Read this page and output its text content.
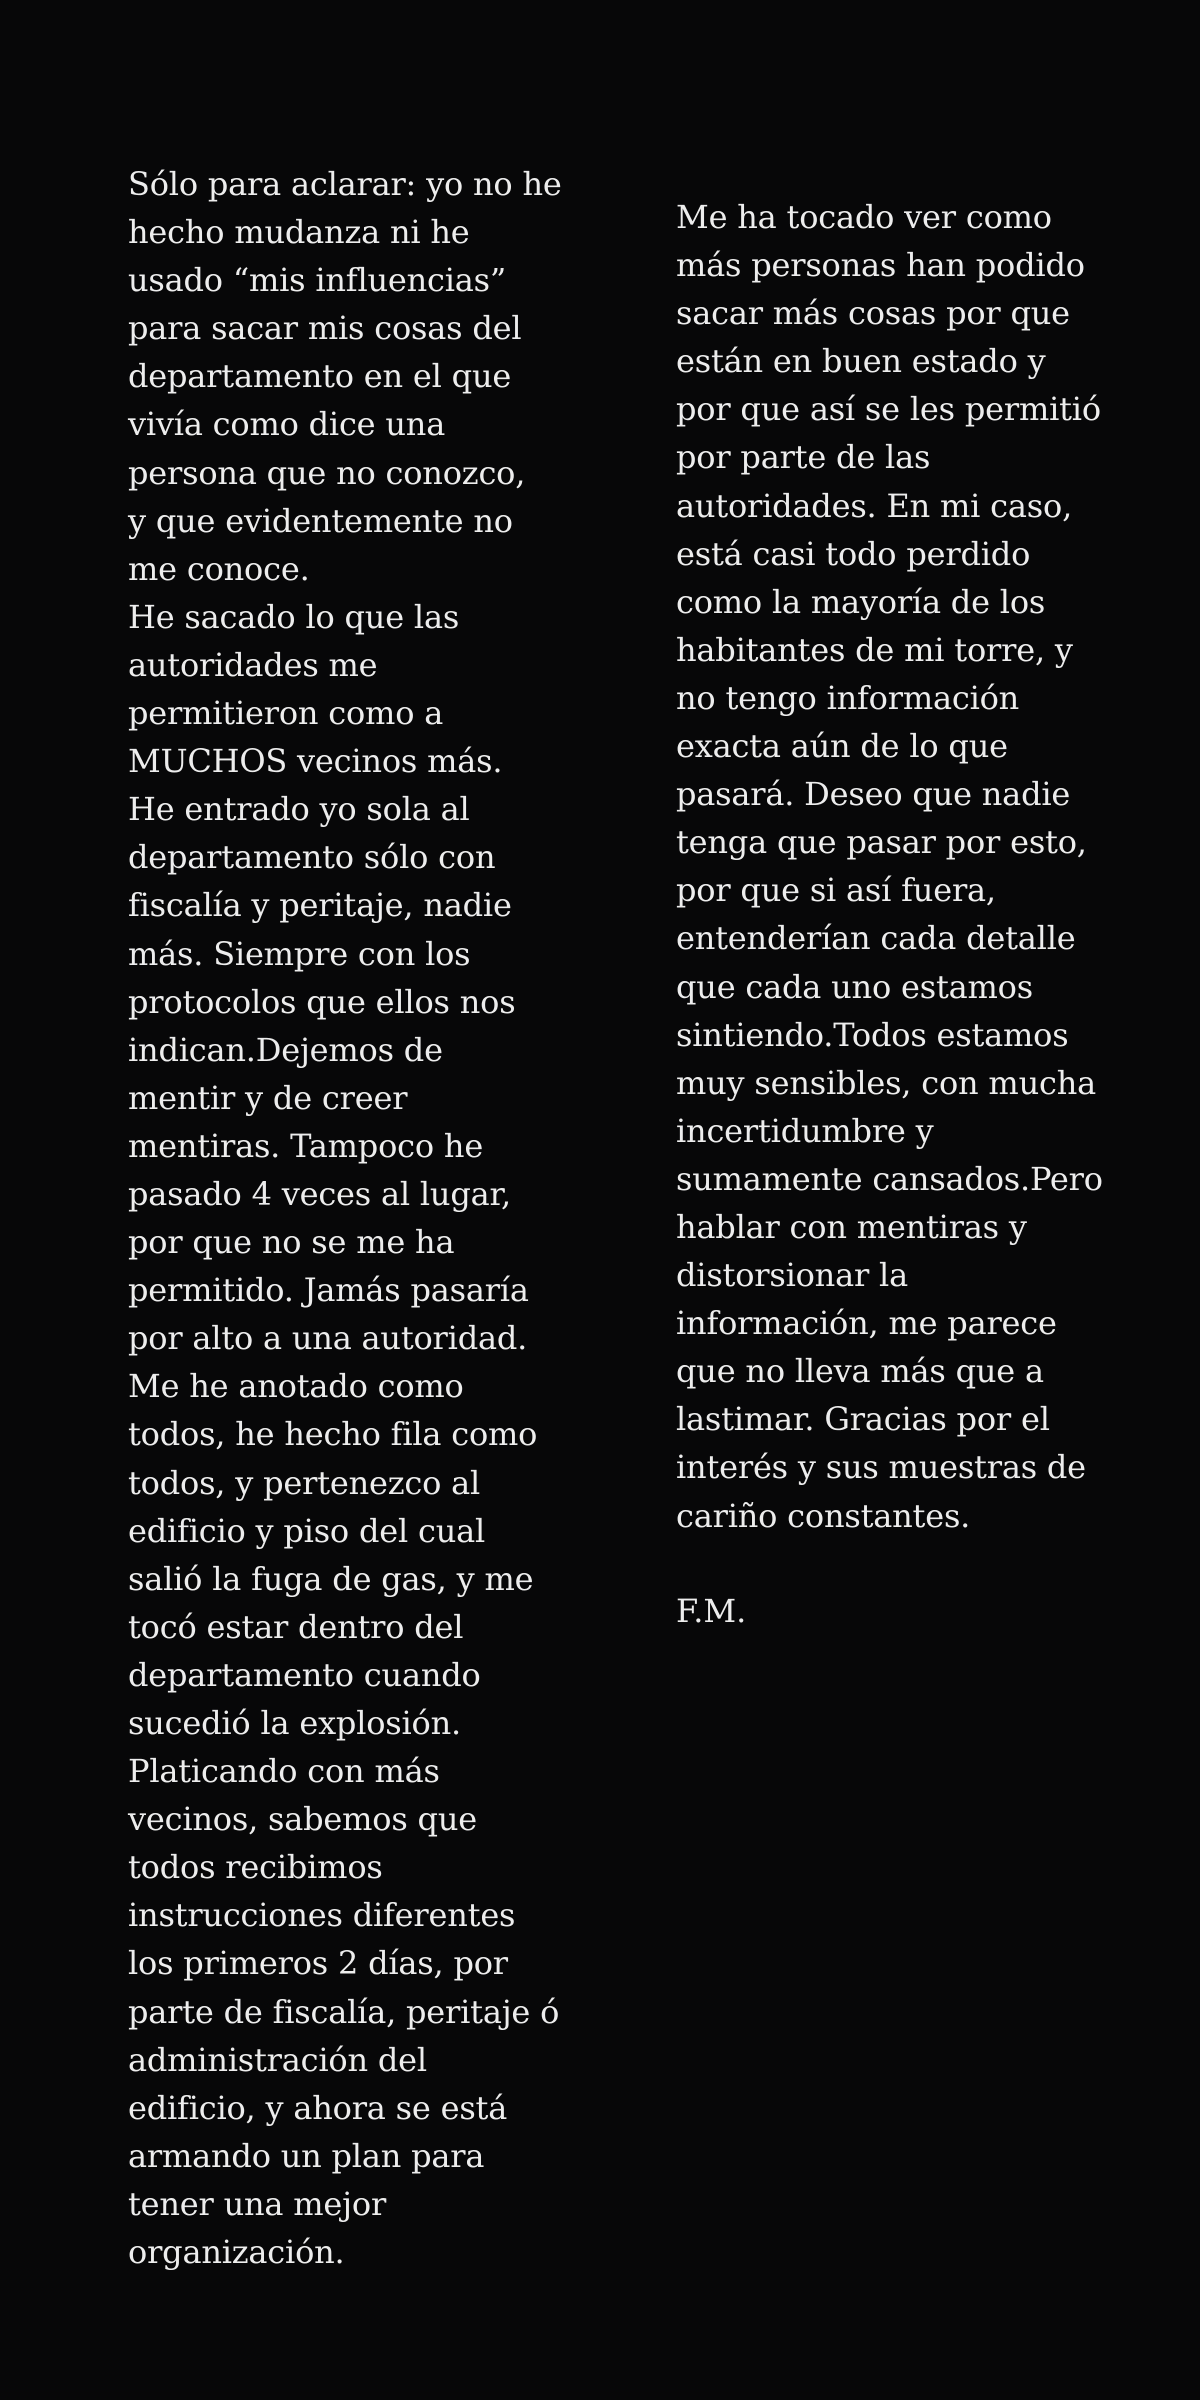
Sólo para aclarar: yo no he
hecho mudanza ni he
usado “mis influencias”
para sacar mis cosas del
departamento en el que
vivía como dice una
persona que no conozco,
y que evidentemente no
me conoce.
He sacado lo que las
autoridades me
permitieron como a
MUCHOS vecinos más.
He entrado yo sola al
departamento sólo con
fiscalía y peritaje, nadie
más. Siempre con los
protocolos que ellos nos
indican.Dejemos de
mentir y de creer
mentiras. Tampoco he
pasado 4 veces al lugar,
por que no se me ha
permitido. Jamás pasaría
por alto a una autoridad.
Me he anotado como
todos, he hecho fila como
todos, y pertenezco al
edificio y piso del cual
salió la fuga de gas, y me
tocó estar dentro del
departamento cuando
sucedió la explosión.
Platicando con más
vecinos, sabemos que
todos recibimos
instrucciones diferentes
los primeros 2 días, por
parte de fiscalía, peritaje ó
administración del
edificio, y ahora se está
armando un plan para
tener una mejor
organización.
Me ha tocado ver como
más personas han podido
sacar más cosas por que
están en buen estado y
por que así se les permitió
por parte de las
autoridades. En mi caso,
está casi todo perdido
como la mayoría de los
habitantes de mi torre, y
no tengo información
exacta aún de lo que
pasará. Deseo que nadie
tenga que pasar por esto,
por que si así fuera,
entenderían cada detalle
que cada uno estamos
sintiendo.Todos estamos
muy sensibles, con mucha
incertidumbre y
sumamente cansados.Pero
hablar con mentiras y
distorsionar la
información, me parece
que no lleva más que a
lastimar. Gracias por el
interés y sus muestras de
cariño constantes.
F.M.
